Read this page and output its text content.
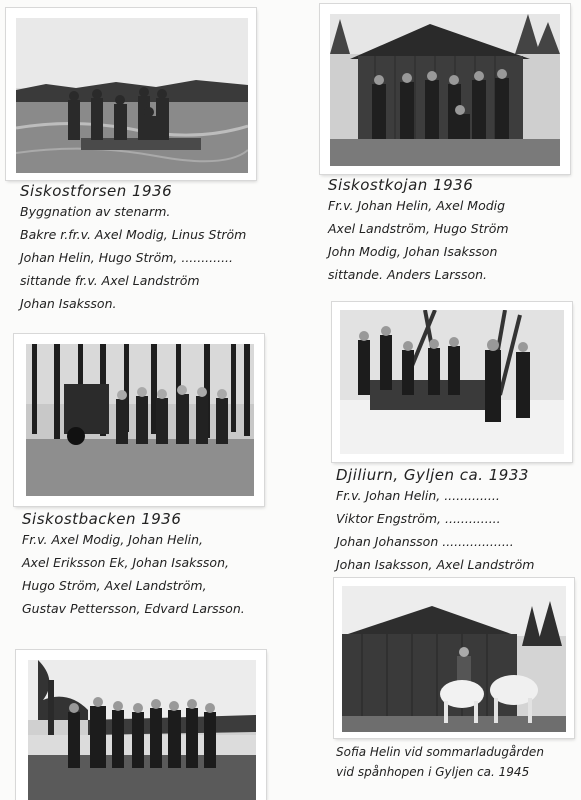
Siskostforsen 1936
Byggnation av stenarm.
Bakre r.fr.v. Axel Modig, Linus Ström
Johan Helin, Hugo Ström, .............
sittande fr.v. Axel Landström
Johan Isaksson.
Siskostkojan 1936
Fr.v. Johan Helin, Axel Modig
Axel Landström, Hugo Ström
John Modig, Johan Isaksson
sittande. Anders Larsson.
Siskostbacken 1936
Fr.v. Axel Modig, Johan Helin,
Axel Eriksson Ek, Johan Isaksson,
Hugo Ström, Axel Landström,
Gustav Pettersson, Edvard Larsson.
Djiliurn, Gyljen ca. 1933
Fr.v. Johan Helin, ..............
Viktor Engström, ..............
Johan Johansson ..................
Johan Isaksson, Axel Landström
Sofia Helin vid sommarladugården
vid spånhopen i Gyljen ca. 1945
